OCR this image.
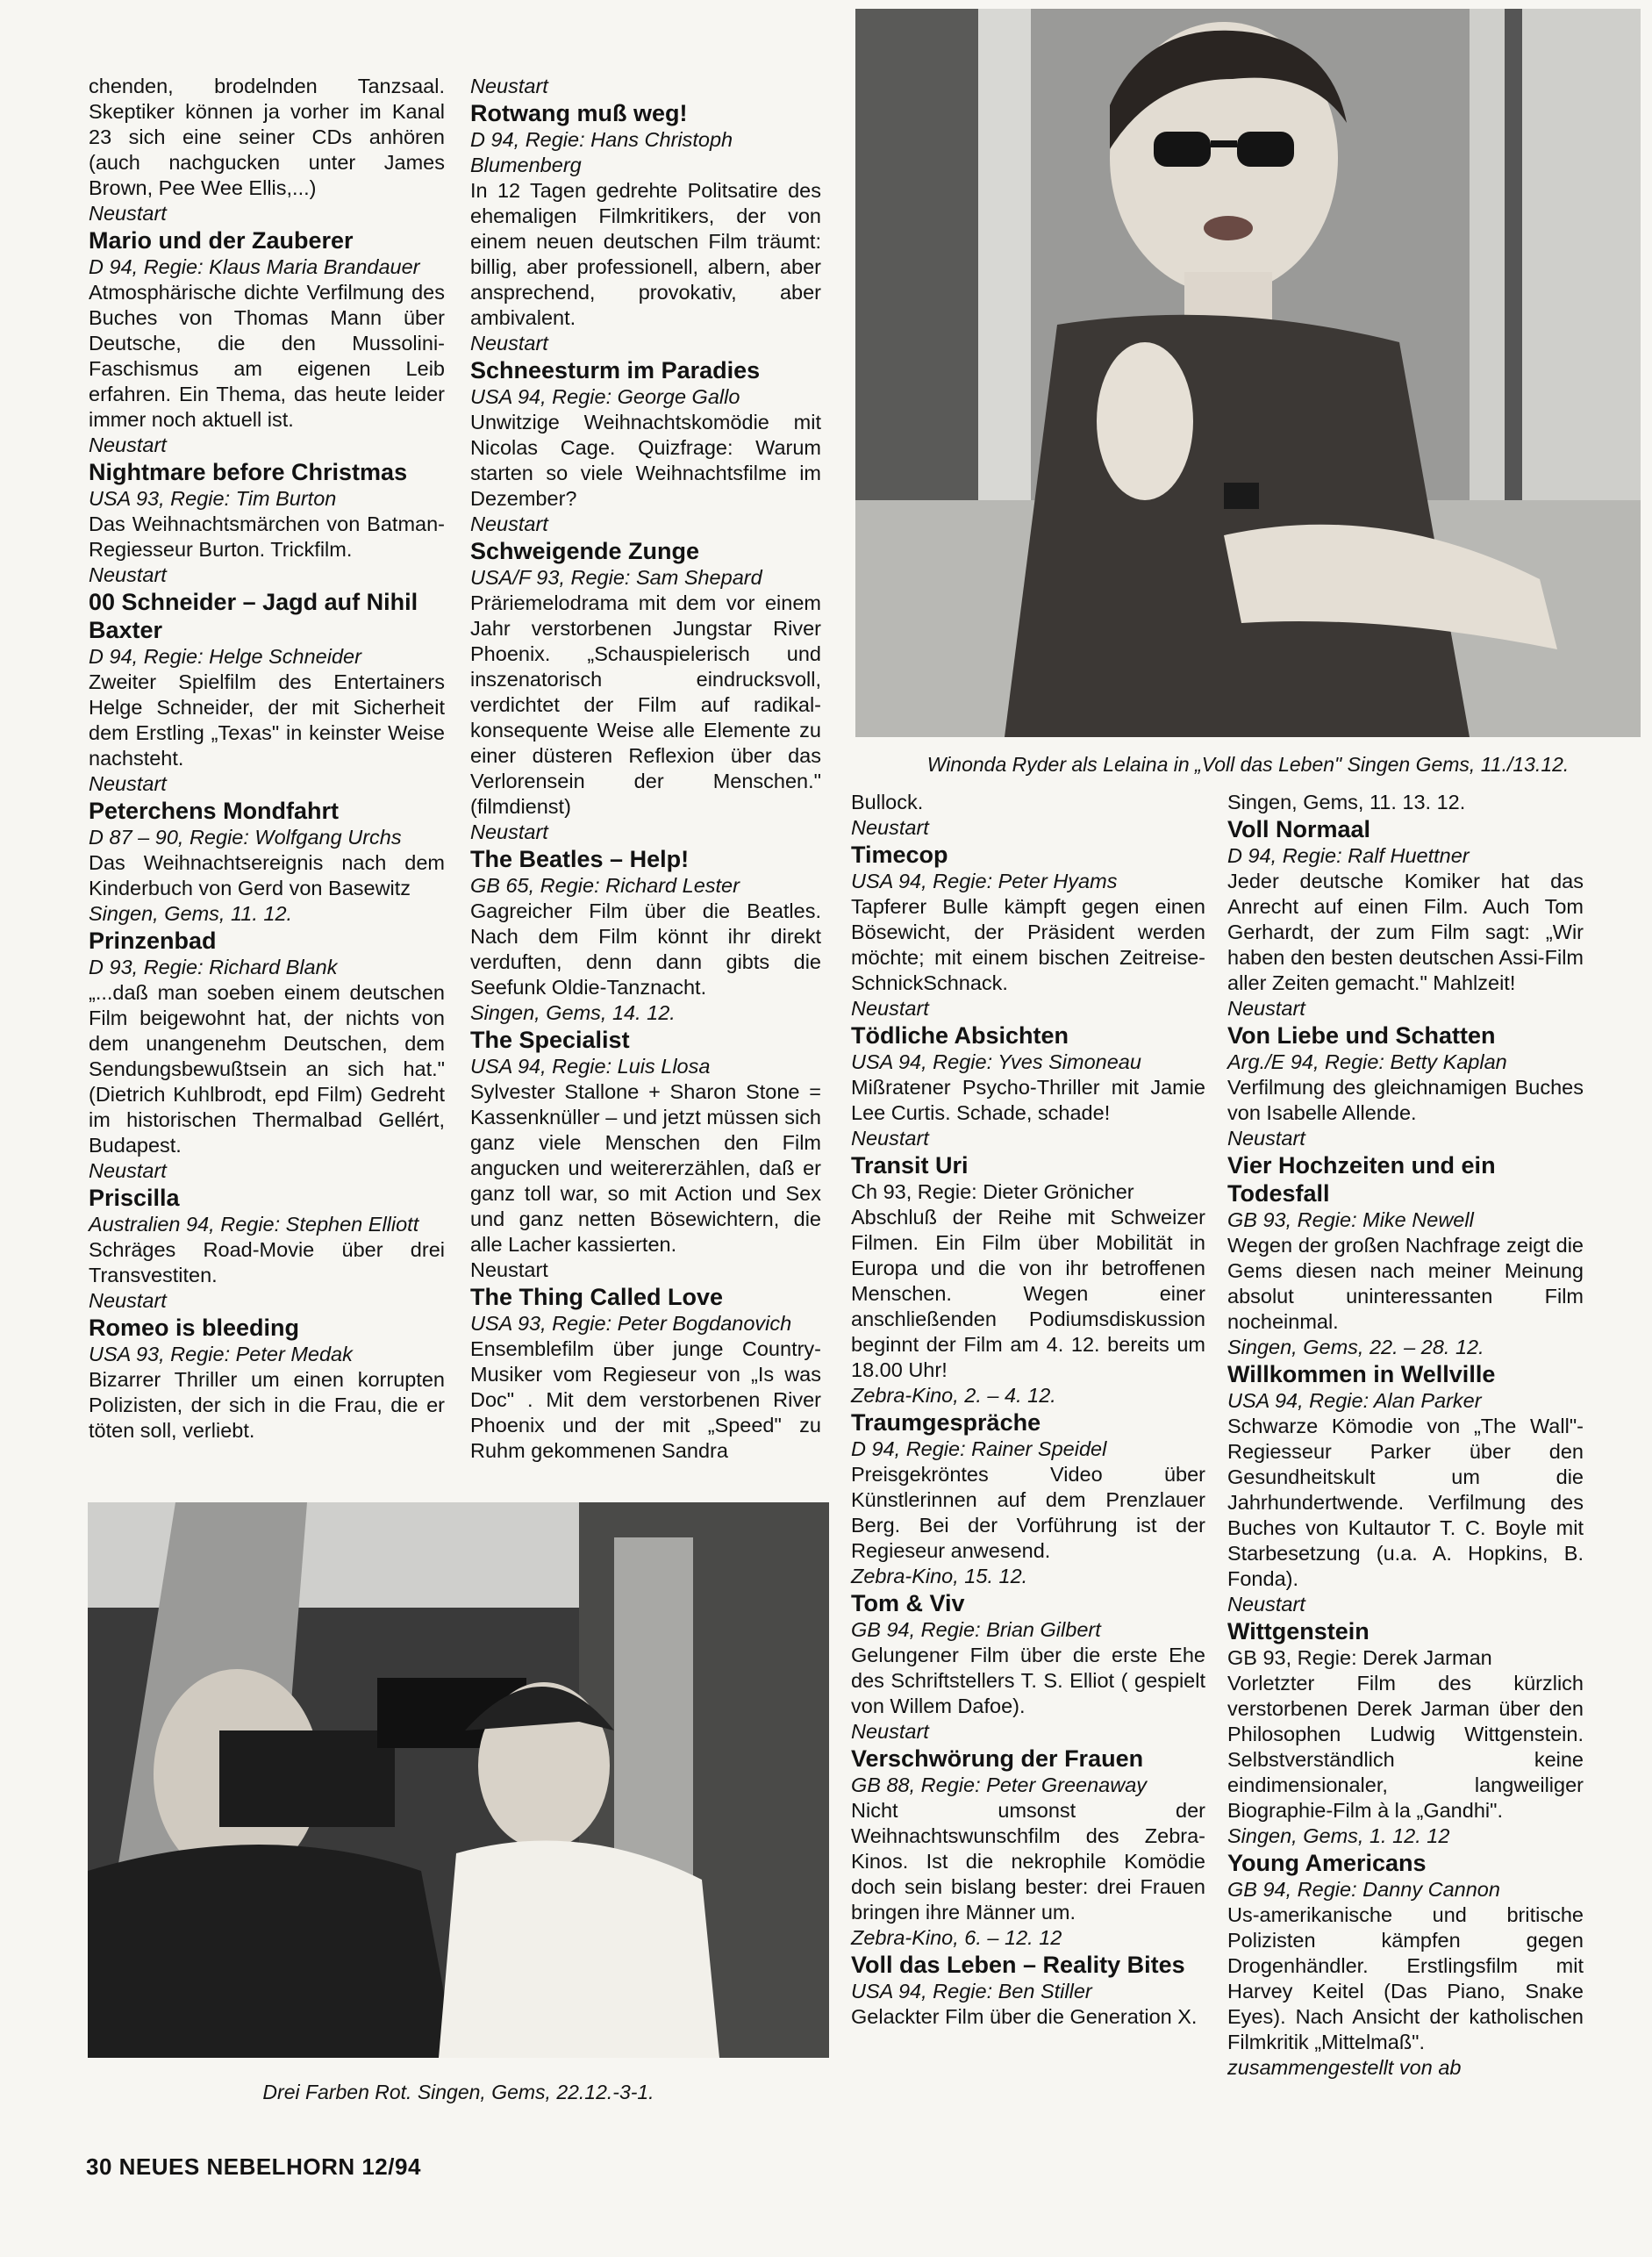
Winonda Ryder als Lelaina in „Voll das Leben" Singen Gems, 11./13.12.
Drei Farben Rot. Singen, Gems, 22.12.-3-1.

chenden, brodelnden Tanzsaal. Skeptiker können ja vorher im Kanal 23 sich eine seiner CDs anhören (auch nachgucken unter James Brown, Pee Wee Ellis,...)

Neustart

Mario und der Zauberer

D 94, Regie: Klaus Maria Brandauer

Atmosphärische dichte Verfilmung des Buches von Thomas Mann über Deutsche, die den Mussolini-Faschismus am eigenen Leib erfahren. Ein Thema, das heute leider immer noch aktuell ist.

Neustart

Nightmare before Christmas

USA 93, Regie: Tim Burton

Das Weihnachtsmärchen von Batman-Regiesseur Burton. Trickfilm.

Neustart

00 Schneider – Jagd auf Nihil Baxter

D 94, Regie: Helge Schneider

Zweiter Spielfilm des Entertainers Helge Schneider, der mit Sicherheit dem Erstling „Texas" in keinster Weise nachsteht.

Neustart

Peterchens Mondfahrt

D 87 – 90, Regie: Wolfgang Urchs

Das Weihnachtsereignis nach dem Kinderbuch von Gerd von Basewitz

Singen, Gems, 11. 12.

Prinzenbad

D 93, Regie: Richard Blank

„...daß man soeben einem deutschen Film beigewohnt hat, der nichts von dem unangenehm Deutschen, dem Sendungsbewußtsein an sich hat." (Dietrich Kuhlbrodt, epd Film) Gedreht im historischen Thermalbad Gellért, Budapest.

Neustart

Priscilla

Australien 94, Regie: Stephen Elliott

Schräges Road-Movie über drei Transvestiten.

Neustart

Romeo is bleeding

USA 93, Regie: Peter Medak

Bizarrer Thriller um einen korrupten Polizisten, der sich in die Frau, die er töten soll, verliebt.

Neustart

Rotwang muß weg!

D 94, Regie: Hans Christoph Blumenberg

In 12 Tagen gedrehte Politsatire des ehemaligen Filmkritikers, der von einem neuen deutschen Film träumt: billig, aber professionell, albern, aber ansprechend, provokativ, aber ambivalent.

Neustart

Schneesturm im Paradies

USA 94, Regie: George Gallo

Unwitzige Weihnachtskomödie mit Nicolas Cage. Quizfrage: Warum starten so viele Weihnachtsfilme im Dezember?

Neustart

Schweigende Zunge

USA/F 93, Regie: Sam Shepard

Präriemelodrama mit dem vor einem Jahr verstorbenen Jungstar River Phoenix. „Schauspielerisch und inszenatorisch eindrucksvoll, verdichtet der Film auf radikal-konsequente Weise alle Elemente zu einer düsteren Reflexion über das Verlorensein der Menschen." (filmdienst)

Neustart

The Beatles – Help!

GB 65, Regie: Richard Lester

Gagreicher Film über die Beatles. Nach dem Film könnt ihr direkt verduften, denn dann gibts die Seefunk Oldie-Tanznacht.

Singen, Gems, 14. 12.

The Specialist

USA 94, Regie: Luis Llosa

Sylvester Stallone + Sharon Stone = Kassenknüller – und jetzt müssen sich ganz viele Menschen den Film angucken und weitererzählen, daß er ganz toll war, so mit Action und Sex und ganz netten Bösewichtern, die alle Lacher kassierten.

Neustart

The Thing Called Love

USA 93, Regie: Peter Bogdanovich

Ensemblefilm über junge Country-Musiker vom Regieseur von „Is was Doc" . Mit dem verstorbenen River Phoenix und der mit „Speed" zu Ruhm gekommenen Sandra

Bullock.

Neustart

Timecop

USA 94, Regie: Peter Hyams

Tapferer Bulle kämpft gegen einen Bösewicht, der Präsident werden möchte; mit einem bischen Zeitreise-SchnickSchnack.

Neustart

Tödliche Absichten

USA 94, Regie: Yves Simoneau

Mißratener Psycho-Thriller mit Jamie Lee Curtis. Schade, schade!

Neustart

Transit Uri

Ch 93, Regie: Dieter Grönicher

Abschluß der Reihe mit Schweizer Filmen. Ein Film über Mobilität in Europa und die von ihr betroffenen Menschen. Wegen einer anschließenden Podiumsdiskussion beginnt der Film am 4. 12. bereits um 18.00 Uhr!

Zebra-Kino, 2. – 4. 12.

Traumgespräche

D 94, Regie: Rainer Speidel

Preisgekröntes Video über Künstlerinnen auf dem Prenzlauer Berg. Bei der Vorführung ist der Regieseur anwesend.

Zebra-Kino, 15. 12.

Tom & Viv

GB 94, Regie: Brian Gilbert

Gelungener Film über die erste Ehe des Schriftstellers T. S. Elliot ( gespielt von Willem Dafoe).

Neustart

Verschwörung der Frauen

GB 88, Regie: Peter Greenaway

Nicht umsonst der Weihnachtswunschfilm des Zebra-Kinos. Ist die nekrophile Komödie doch sein bislang bester: drei Frauen bringen ihre Männer um.

Zebra-Kino, 6. – 12. 12

Voll das Leben – Reality Bites

USA 94, Regie: Ben Stiller

Gelackter Film über die Generation X.

Singen, Gems, 11. 13. 12.

Voll Normaal

D 94, Regie: Ralf Huettner

Jeder deutsche Komiker hat das Anrecht auf einen Film. Auch Tom Gerhardt, der zum Film sagt: „Wir haben den besten deutschen Assi-Film aller Zeiten gemacht." Mahlzeit!

Neustart

Von Liebe und Schatten

Arg./E 94, Regie: Betty Kaplan

Verfilmung des gleichnamigen Buches von Isabelle Allende.

Neustart

Vier Hochzeiten und ein Todesfall

GB 93, Regie: Mike Newell

Wegen der großen Nachfrage zeigt die Gems diesen nach meiner Meinung absolut uninteressanten Film nocheinmal.

Singen, Gems, 22. – 28. 12.

Willkommen in Wellville

USA 94, Regie: Alan Parker

Schwarze Kömodie von „The Wall"-Regiesseur Parker über den Gesundheitskult um die Jahrhundertwende. Verfilmung des Buches von Kultautor T. C. Boyle mit Starbesetzung (u.a. A. Hopkins, B. Fonda).

Neustart

Wittgenstein

GB 93, Regie: Derek Jarman

Vorletzter Film des kürzlich verstorbenen Derek Jarman über den Philosophen Ludwig Wittgenstein. Selbstverständlich keine eindimensionaler, langweiliger Biographie-Film à la „Gandhi".

Singen, Gems, 1. 12. 12

Young Americans

GB 94, Regie: Danny Cannon

Us-amerikanische und britische Polizisten kämpfen gegen Drogenhändler. Erstlingsfilm mit Harvey Keitel (Das Piano, Snake Eyes). Nach Ansicht der katholischen Filmkritik „Mittelmaß".

zusammengestellt von ab

30 NEUES NEBELHORN 12/94
